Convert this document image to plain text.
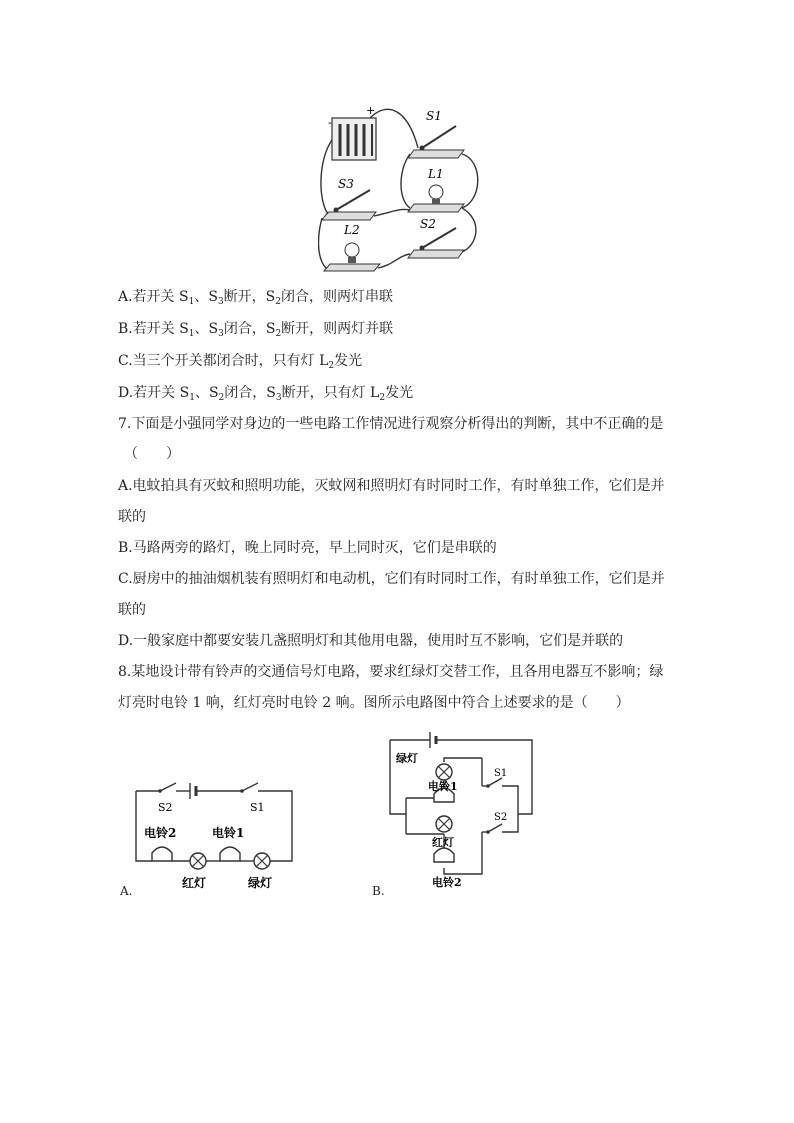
-
+	S1
L1
S3
L2	S2
A.若开关 $S_1$、$S_3$断开，$S_2$闭合，则两灯串联
B.若开关 $S_1$、$S_3$闭合，$S_2$断开，则两灯并联
C.当三个开关都闭合时，只有灯 $L_2$发光
D.若开关 $S_1$、$S_2$闭合，$S_3$断开，只有灯 $L_2$发光
7.下面是小强同学对身边的一些电路工作情况进行观察分析得出的判断，其中不正确的是
（　　）
A.电蚊拍具有灭蚊和照明功能，灭蚊网和照明灯有时同时工作，有时单独工作，它们是并
联的
B.马路两旁的路灯，晚上同时亮，早上同时灭，它们是串联的
C.厨房中的抽油烟机装有照明灯和电动机，它们有时同时工作，有时单独工作，它们是并
联的
D.一般家庭中都要安装几盏照明灯和其他用电器，使用时互不影响，它们是并联的
8.某地设计带有铃声的交通信号灯电路，要求红绿灯交替工作，且各用电器互不影响；绿
灯亮时电铃 1 响，红灯亮时电铃 2 响。图所示电路图中符合上述要求的是（　　）
S2	S1
电铃2	电铃1
红灯	绿灯
A.
绿灯
电铃1
S1
S2
红灯
电铃2
B.
